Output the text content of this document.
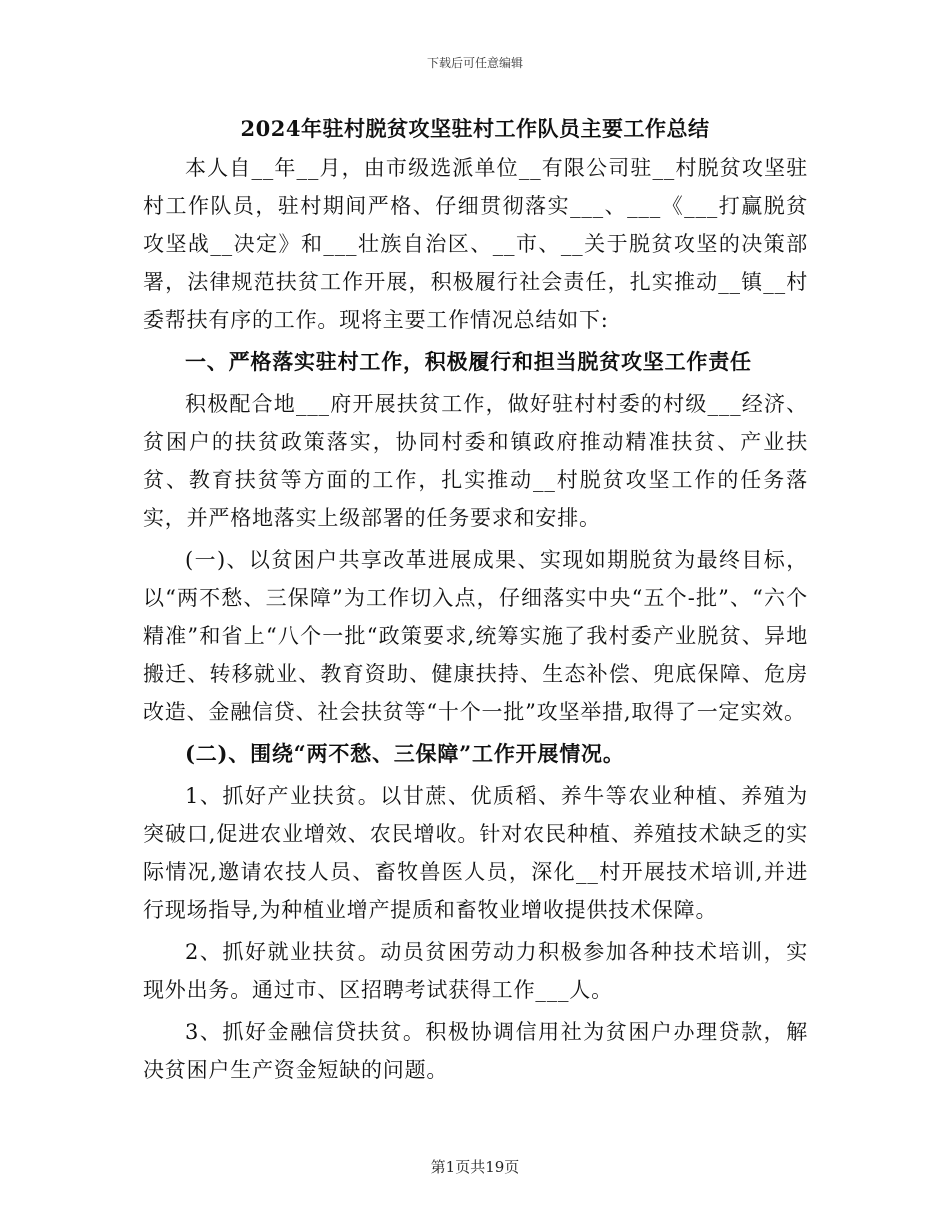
下载后可任意编辑
2024年驻村脱贫攻坚驻村工作队员主要工作总结

本人自__年__月，由市级选派单位__有限公司驻__村脱贫攻坚驻村工作队员，驻村期间严格、仔细贯彻落实___、___《___打赢脱贫攻坚战__决定》和___壮族自治区、__市、__关于脱贫攻坚的决策部署，法律规范扶贫工作开展，积极履行社会责任，扎实推动__镇__村委帮扶有序的工作。现将主要工作情况总结如下:

一、严格落实驻村工作，积极履行和担当脱贫攻坚工作责任

积极配合地___府开展扶贫工作，做好驻村村委的村级___经济、贫困户的扶贫政策落实，协同村委和镇政府推动精准扶贫、产业扶贫、教育扶贫等方面的工作，扎实推动__村脱贫攻坚工作的任务落实，并严格地落实上级部署的任务要求和安排。

(一)、以贫困户共享改革进展成果、实现如期脱贫为最终目标，以“两不愁、三保障”为工作切入点，仔细落实中央“五个-批”、“六个精准”和省上“八个一批“政策要求,统筹实施了我村委产业脱贫、异地搬迁、转移就业、教育资助、健康扶持、生态补偿、兜底保障、危房改造、金融信贷、社会扶贫等“十个一批”攻坚举措,取得了一定实效。

(二)、围绕“两不愁、三保障”工作开展情况。

1、抓好产业扶贫。以甘蔗、优质稻、养牛等农业种植、养殖为突破口,促进农业增效、农民增收。针对农民种植、养殖技术缺乏的实际情况,邀请农技人员、畜牧兽医人员，深化__村开展技术培训,并进行现场指导,为种植业增产提质和畜牧业增收提供技术保障。

2、抓好就业扶贫。动员贫困劳动力积极参加各种技术培训，实现外出务。通过市、区招聘考试获得工作___人。

3、抓好金融信贷扶贫。积极协调信用社为贫困户办理贷款，解决贫困户生产资金短缺的问题。

第1页共19页
